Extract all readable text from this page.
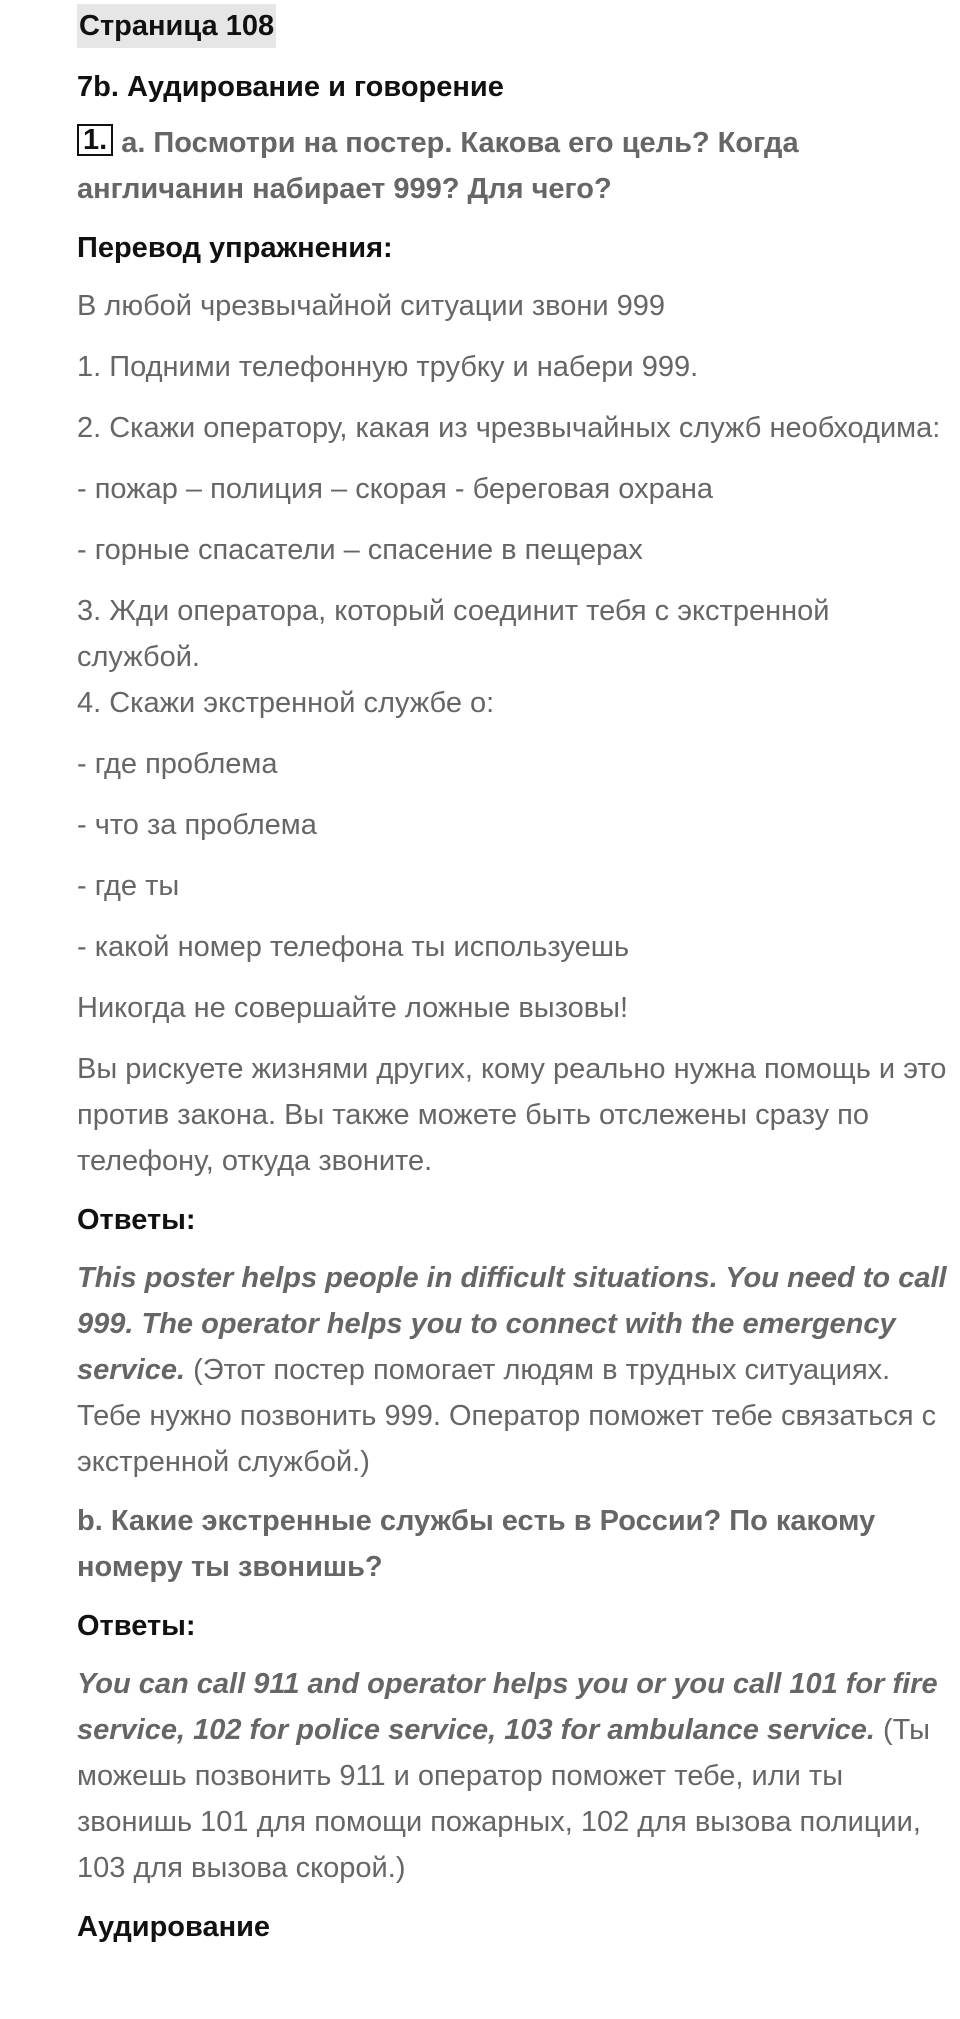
Страница 108
7b. Аудирование и говорение
1. a. Посмотри на постер. Какова его цель? Когда англичанин набирает 999? Для чего?
Перевод упражнения:
В любой чрезвычайной ситуации звони 999
1. Подними телефонную трубку и набери 999.
2. Скажи оператору, какая из чрезвычайных служб необходима:
- пожар – полиция – скорая - береговая охрана
- горные спасатели – спасение в пещерах
3. Жди оператора, который соединит тебя с экстренной службой.
4. Скажи экстренной службе о:
- где проблема
- что за проблема
- где ты
- какой номер телефона ты используешь
Никогда не совершайте ложные вызовы!
Вы рискуете жизнями других, кому реально нужна помощь и это против закона. Вы также можете быть отслежены сразу по телефону, откуда звоните.
Ответы:
This poster helps people in difficult situations. You need to call 999. The operator helps you to connect with the emergency service. (Этот постер помогает людям в трудных ситуациях. Тебе нужно позвонить 999. Оператор поможет тебе связаться с экстренной службой.)
b. Какие экстренные службы есть в России? По какому номеру ты звонишь?
Ответы:
You can call 911 and operator helps you or you call 101 for fire service, 102 for police service, 103 for ambulance service. (Ты можешь позвонить 911 и оператор поможет тебе, или ты звонишь 101 для помощи пожарных, 102 для вызова полиции, 103 для вызова скорой.)
Аудирование
